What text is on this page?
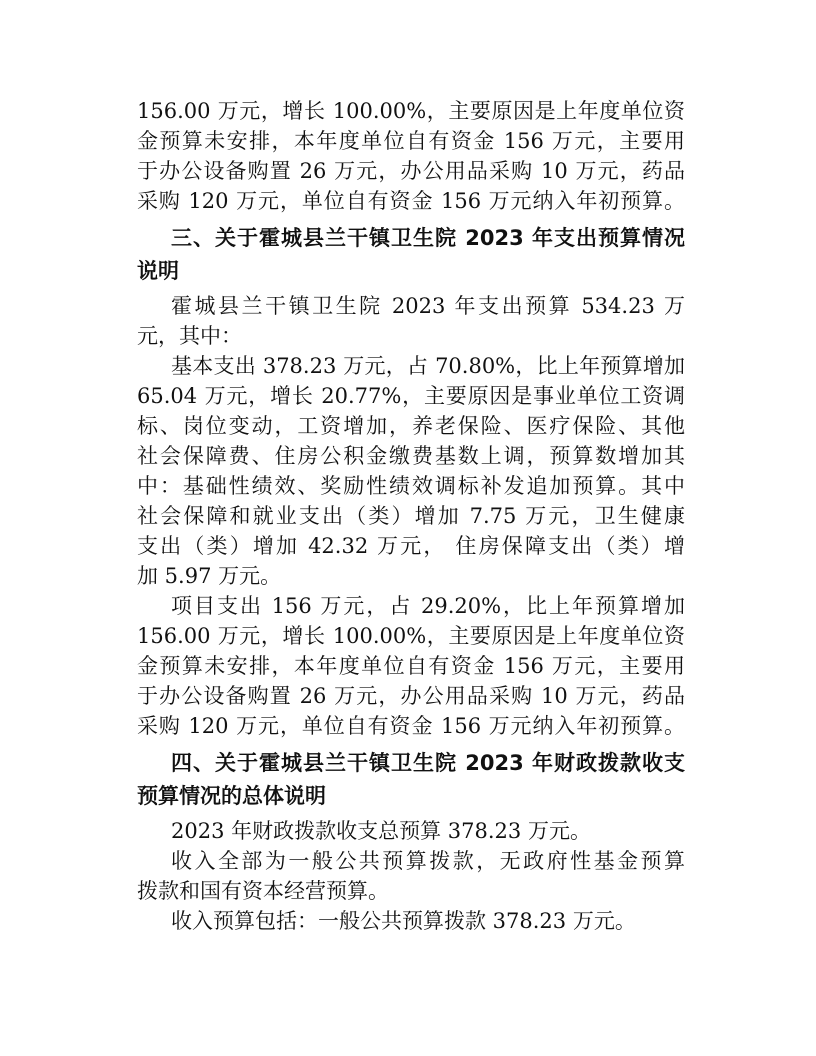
156.00 万元，增长 100.00%，主要原因是上年度单位资
金预算未安排，本年度单位自有资金 156 万元，主要用
于办公设备购置 26 万元，办公用品采购 10 万元，药品
采购 120 万元，单位自有资金 156 万元纳入年初预算。
三、关于霍城县兰干镇卫生院 2023 年支出预算情况
说明
霍城县兰干镇卫生院 2023 年支出预算 534.23 万
元，其中：
基本支出 378.23 万元，占 70.80%，比上年预算增加
65.04 万元，增长 20.77%，主要原因是事业单位工资调
标、岗位变动，工资增加，养老保险、医疗保险、其他
社会保障费、住房公积金缴费基数上调，预算数增加其
中：基础性绩效、奖励性绩效调标补发追加预算。其中
社会保障和就业支出（类）增加 7.75 万元，卫生健康
支出（类）增加 42.32 万元， 住房保障支出（类）增
加 5.97 万元。
项目支出 156 万元，占 29.20%，比上年预算增加
156.00 万元，增长 100.00%，主要原因是上年度单位资
金预算未安排，本年度单位自有资金 156 万元，主要用
于办公设备购置 26 万元，办公用品采购 10 万元，药品
采购 120 万元，单位自有资金 156 万元纳入年初预算。
四、关于霍城县兰干镇卫生院 2023 年财政拨款收支
预算情况的总体说明
2023 年财政拨款收支总预算 378.23 万元。
收入全部为一般公共预算拨款，无政府性基金预算
拨款和国有资本经营预算。
收入预算包括：一般公共预算拨款 378.23 万元。
